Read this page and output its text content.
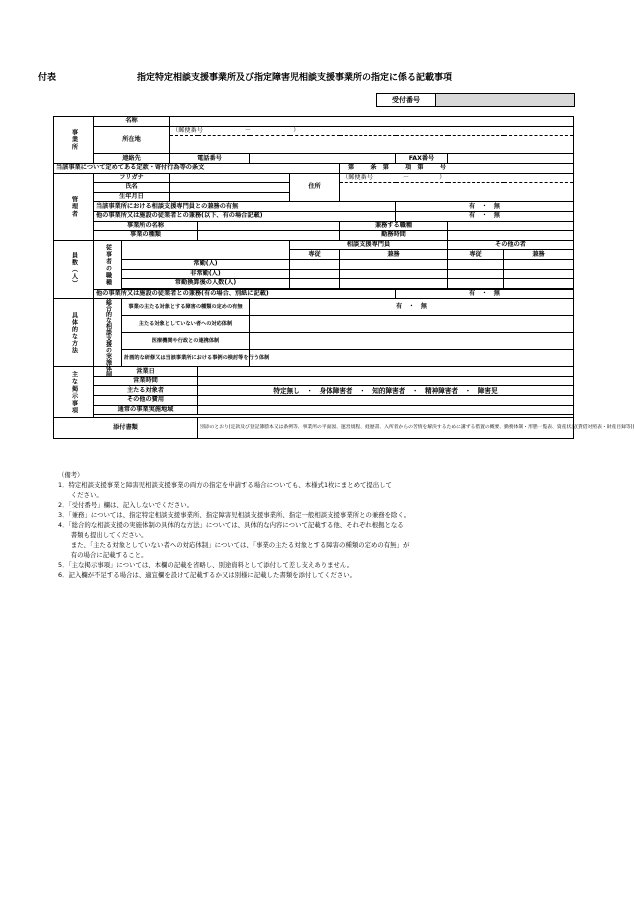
付表	指定特定相談支援事業所及び指定障害児相談支援事業所の指定に係る記載事項
受付番号
事業所	名称									
	所在地		（郵便番号 － ）							

	連絡先		電話番号					FAX番号		
当該事業について定めてある定款・寄付行為等の条文							第 条 第 項 第 号			
管理者	フリガナ					住所	（郵便番号 － ）			
	氏名									
	生年月日									
	当該事業所における相談支援専門員との兼務の有無							有　・　無		
	他の事業所又は施設の従業者との兼務(以下、有の場合記載)							有　・　無		
	事業所の名称						兼務する職種			
	事業の種類						勤務時間			
員数（人）	従事者の職種					相談支援専門員			その他の者	
						専従	兼務		専従	兼務
		常勤(人)								
		非常勤(人)								
		常勤換算後の人数(人)								

	他の事業所又は施設の従業者との兼務(有の場合、別紙に記載)							有　・　無		
具体的な方法	総合的な相談支援の実施体制	事業の主たる対象とする障害の種類の定めの有無			有　・　無					
		主たる対象としていない者への対応体制								
		医療機関や行政との連携体制								
		計画的な研修又は当該事業所における事例の検討等を行う体制								
主な掲示事項	営業日									
	営業時間									
	主たる対象者			特定無し　・　身体障害者　・　知的障害者　・　精神障害者　・　障害児						
	その他の費用									
	通常の事業実施地域									

添付書類				別添のとおり(定款及び登記簿謄本又は条例等、事業所の平面図、運営規程、経歴書、入所者からの苦情を解決するために講ずる措置の概要、勤務体制・形態一覧表、資産状況(貸借対照表・財産目録等))						
（備考）
1．特定相談支援事業と障害児相談支援事業の両方の指定を申請する場合についても、本様式1枚にまとめて提出して
　　ください。
2．「受付番号」欄は、記入しないでください。
3．「兼務」については、指定特定相談支援事業所、指定障害児相談支援事業所、指定一般相談支援事業所との兼務を除く。
4．「総合的な相談支援の実施体制の具体的な方法」については、具体的な内容について記載する他、それぞれ根拠となる
　　書類も提出してください。
　　また、「主たる対象としていない者への対応体制」については、「事業の主たる対象とする障害の種類の定めの有無」が
　　有の場合に記載すること。
5．「主な掲示事項」については、本欄の記載を省略し、別途資料として添付して差し支えありません。
6．記入欄が不足する場合は、適宜欄を設けて記載するか又は別様に記載した書類を添付してください。
